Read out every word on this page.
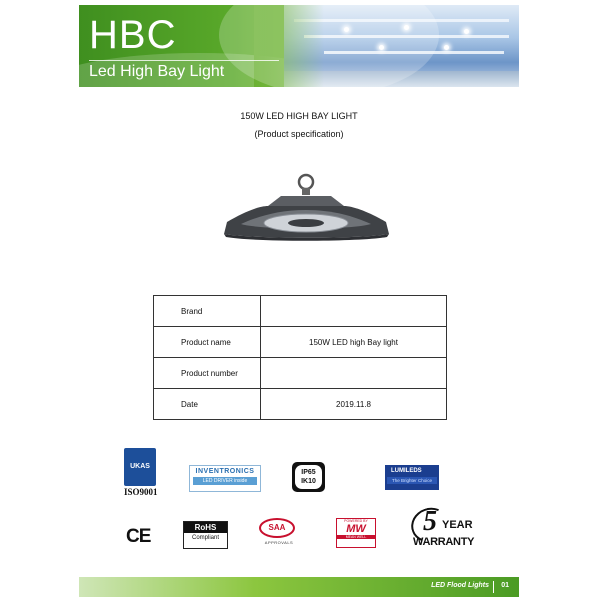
HBC
Led High Bay Light
150W LED HIGH BAY LIGHT
(Product specification)
Brand	
Product name	150W LED high Bay light
Product number	
Date	2019.11.8
UKAS
ISO9001
INVENTRONICS
LED DRIVER inside
IP65
IK10
LUMILEDS
The Brighter Choice
CE	RoHS
Compliant
SAA
APPROVALS
POWERED BY
MW
MEAN WELL	5 YEAR
WARRANTY
LED Flood Lights 01
